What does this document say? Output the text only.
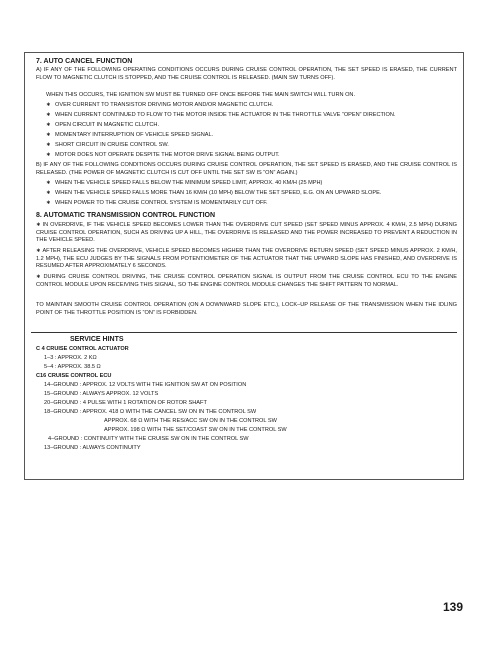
7. AUTO CANCEL FUNCTION
A) IF ANY OF THE FOLLOWING OPERATING CONDITIONS OCCURS DURING CRUISE CONTROL OPERATION, THE SET SPEED IS ERASED, THE CURRENT FLOW TO MAGNETIC CLUTCH IS STOPPED, AND THE CRUISE CONTROL IS RELEASED. (MAIN SW TURNS OFF).
WHEN THIS OCCURS, THE IGNITION SW MUST BE TURNED OFF ONCE BEFORE THE MAIN SWITCH WILL TURN ON.
∗ OVER CURRENT TO TRANSISTOR DRIVING MOTOR AND/OR MAGNETIC CLUTCH.
∗ WHEN CURRENT CONTINUED TO FLOW TO THE MOTOR INSIDE THE ACTUATOR IN THE THROTTLE VALVE “OPEN” DIRECTION.
∗ OPEN CIRCUIT IN MAGNETIC CLUTCH.
∗ MOMENTARY INTERRUPTION OF VEHICLE SPEED SIGNAL.
∗ SHORT CIRCUIT IN CRUISE CONTROL SW.
∗ MOTOR DOES NOT OPERATE DESPITE THE MOTOR DRIVE SIGNAL BEING OUTPUT.
B) IF ANY OF THE FOLLOWING CONDITIONS OCCURS DURING CRUISE CONTROL OPERATION, THE SET SPEED IS ERASED, AND THE CRUISE CONTROL IS RELEASED. (THE POWER OF MAGNETIC CLUTCH IS CUT OFF UNTIL THE SET SW IS “ON” AGAIN.)
∗ WHEN THE VEHICLE SPEED FALLS BELOW THE MINIMUM SPEED LIMIT, APPROX. 40 KM/H (25 MPH)
∗ WHEN THE VEHICLE SPEED FALLS MORE THAN 16 KM/H (10 MPH) BELOW THE SET SPEED, E.G. ON AN UPWARD SLOPE.
∗ WHEN POWER TO THE CRUISE CONTROL SYSTEM IS MOMENTARILY CUT OFF.
8. AUTOMATIC TRANSMISSION CONTROL FUNCTION
∗ IN OVERDRIVE, IF THE VEHICLE SPEED BECOMES LOWER THAN THE OVERDRIVE CUT SPEED (SET SPEED MINUS APPROX. 4 KM/H, 2.5 MPH) DURING CRUISE CONTROL OPERATION, SUCH AS DRIVING UP A HILL, THE OVERDRIVE IS RELEASED AND THE POWER INCREASED TO PREVENT A REDUCTION IN THE VEHICLE SPEED.
∗ AFTER RELEASING THE OVERDRIVE, VEHICLE SPEED BECOMES HIGHER THAN THE OVERDRIVE RETURN SPEED (SET SPEED MINUS APPROX. 2 KM/H, 1.2 MPH), THE ECU JUDGES BY THE SIGNALS FROM POTENTIOMETER OF THE ACTUATOR THAT THE UPWARD SLOPE HAS FINISHED, AND OVERDRIVE IS RESUMED AFTER APPROXIMATELY 6 SECONDS.
∗ DURING CRUISE CONTROL DRIVING, THE CRUISE CONTROL OPERATION SIGNAL IS OUTPUT FROM THE CRUISE CONTROL ECU TO THE ENGINE CONTROL MODULE UPON RECEIVING THIS SIGNAL, SO THE ENGINE CONTROL MODULE CHANGES THE SHIFT PATTERN TO NORMAL.
TO MAINTAIN SMOOTH CRUISE CONTROL OPERATION (ON A DOWNWARD SLOPE ETC.), LOCK–UP RELEASE OF THE TRANSMISSION WHEN THE IDLING POINT OF THE THROTTLE POSITION IS “ON” IS FORBIDDEN.
SERVICE HINTS
C 4 CRUISE CONTROL ACTUATOR
1–3 : APPROX. 2 KΩ
5–4 : APPROX. 38.5 Ω
C16 CRUISE CONTROL ECU
14–GROUND : APPROX. 12 VOLTS WITH THE IGNITION SW AT ON POSITION
15–GROUND : ALWAYS APPROX. 12 VOLTS
20–GROUND : 4 PULSE WITH 1 ROTATION OF ROTOR SHAFT
18–GROUND : APPROX. 418 Ω WITH THE CANCEL SW ON IN THE CONTROL SW
APPROX. 68 Ω WITH THE RES/ACC SW ON IN THE CONTROL SW
APPROX. 198 Ω WITH THE SET/COAST SW ON IN THE CONTROL SW
4–GROUND : CONTINUITY WITH THE CRUISE SW ON IN THE CONTROL SW
13–GROUND : ALWAYS CONTINUITY
139
